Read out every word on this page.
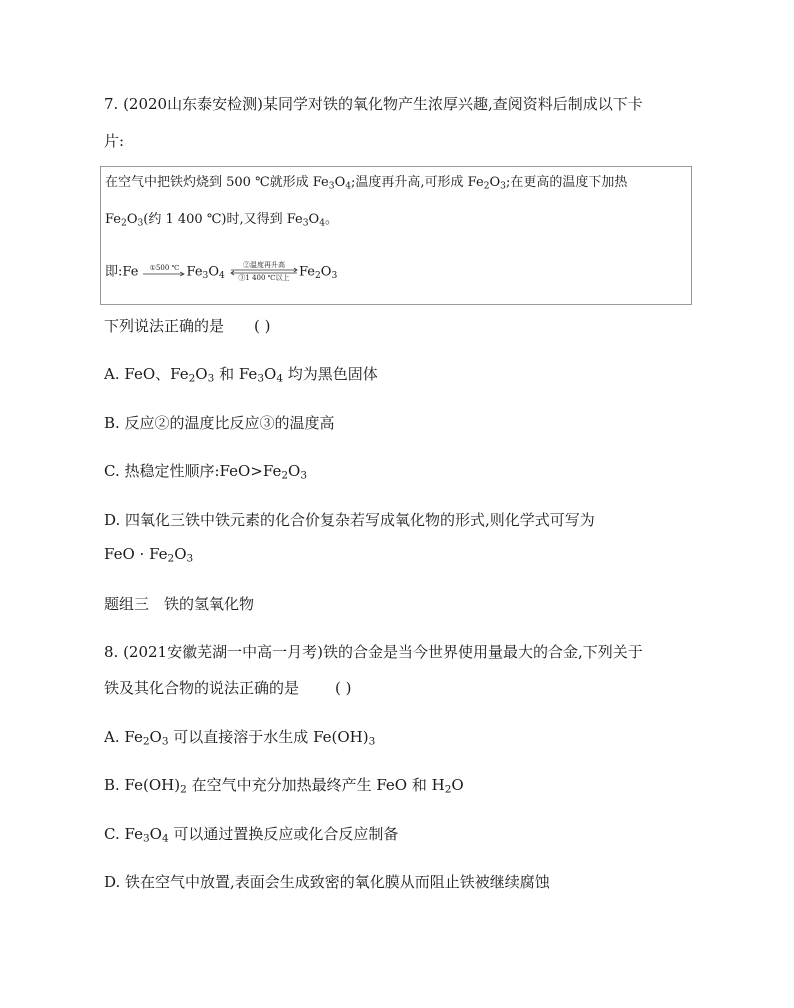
7. (2020山东泰安检测)某同学对铁的氧化物产生浓厚兴趣,查阅资料后制成以下卡
片:
在空气中把铁灼烧到 500 ℃就形成 $Fe_3O_4$;温度再升高,可形成 $Fe_2O_3$;在更高的温度下加热
$Fe_2O_3$(约 1 400 ℃)时,又得到 $Fe_3O_4$。
即:Fe	①500 ℃ $Fe_3O_4$
②温度再升高
③1 400 ℃以上 $Fe_2O_3$
下列说法正确的是 ( )
A. FeO、$Fe_2O_3$ 和 $Fe_3O_4$ 均为黑色固体
B. 反应②的温度比反应③的温度高
C. 热稳定性顺序$:FeO>Fe_2O_3$
D. 四氧化三铁中铁元素的化合价复杂若写成氧化物的形式,则化学式可写为
FeO · $Fe_2O_3$
题组三　铁的氢氧化物
8. (2021安徽芜湖一中高一月考)铁的合金是当今世界使用量最大的合金,下列关于
铁及其化合物的说法正确的是 ( )
A. $Fe_2O_3$ 可以直接溶于水生成 $Fe(OH)_3$
B. $Fe(OH)_2$ 在空气中充分加热最终产生 FeO 和 $H_2O$
C. $Fe_3O_4$ 可以通过置换反应或化合反应制备
D. 铁在空气中放置,表面会生成致密的氧化膜从而阻止铁被继续腐蚀
